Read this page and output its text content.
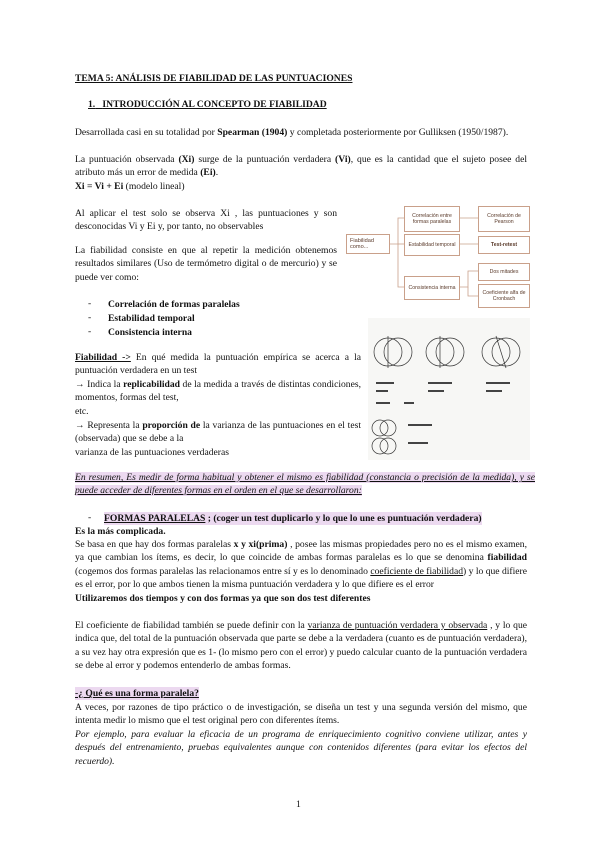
TEMA 5: ANÁLISIS DE FIABILIDAD DE LAS PUNTUACIONES
1. INTRODUCCIÓN AL CONCEPTO DE FIABILIDAD
Desarrollada casi en su totalidad por Spearman (1904) y completada posteriormente por Gulliksen (1950/1987).
La puntuación observada (Xi) surge de la puntuación verdadera (Vi), que es la cantidad que el sujeto posee del atributo más un error de medida (Ei).
Xi = Vi + Ei (modelo lineal)
Al aplicar el test solo se observa Xi , las puntuaciones y son desconocidas Vi y Ei y, por tanto, no observables
La fiabilidad consiste en que al repetir la medición obtenemos resultados similares (Uso de termómetro digital o de mercurio) y se puede ver como:
- Correlación de formas paralelas
- Estabilidad temporal
- Consistencia interna
Fiabilidad -> En qué medida la puntuación empírica se acerca a la puntuación verdadera en un test
→ Indica la replicabilidad de la medida a través de distintas condiciones, momentos, formas del test,
etc.
→ Representa la proporción de la varianza de las puntuaciones en el test (observada) que se debe a la
varianza de las puntuaciones verdaderas
Fiabilidad como...
Correlación entre formas paralelas
Estabilidad temporal
Consistencia interna
Correlación de Pearson
Test-retest
Dos mitades
Coeficiente alfa de Cronbach
En resumen, Es medir de forma habitual y obtener el mismo es fiabilidad (constancia o precisión de la medida), y se puede acceder de diferentes formas en el orden en el que se desarrollaron:
- FORMAS PARALELAS ; (coger un test duplicarlo y lo que lo une es puntuación verdadera)
Es la más complicada.
Se basa en que hay dos formas paralelas x y xi(prima) , posee las mismas propiedades pero no es el mismo examen, ya que cambian los ítems, es decir, lo que coincide de ambas formas paralelas es lo que se denomina fiabilidad (cogemos dos formas paralelas las relacionamos entre sí y es lo denominado coeficiente de fiabilidad) y lo que difiere es el error, por lo que ambos tienen la misma puntuación verdadera y lo que difiere es el error
Utilizaremos dos tiempos y con dos formas ya que son dos test diferentes
El coeficiente de fiabilidad también se puede definir con la varianza de puntuación verdadera y observada , y lo que indica que, del total de la puntuación observada que parte se debe a la verdadera (cuanto es de puntuación verdadera), a su vez hay otra expresión que es 1- (lo mismo pero con el error) y puedo calcular cuanto de la puntuación verdadera se debe al error y podemos entenderlo de ambas formas.
-¿ Qué es una forma paralela?
A veces, por razones de tipo práctico o de investigación, se diseña un test y una segunda versión del mismo, que intenta medir lo mismo que el test original pero con diferentes ítems.
Por ejemplo, para evaluar la eficacia de un programa de enriquecimiento cognitivo conviene utilizar, antes y después del entrenamiento, pruebas equivalentes aunque con contenidos diferentes (para evitar los efectos del recuerdo).
1
